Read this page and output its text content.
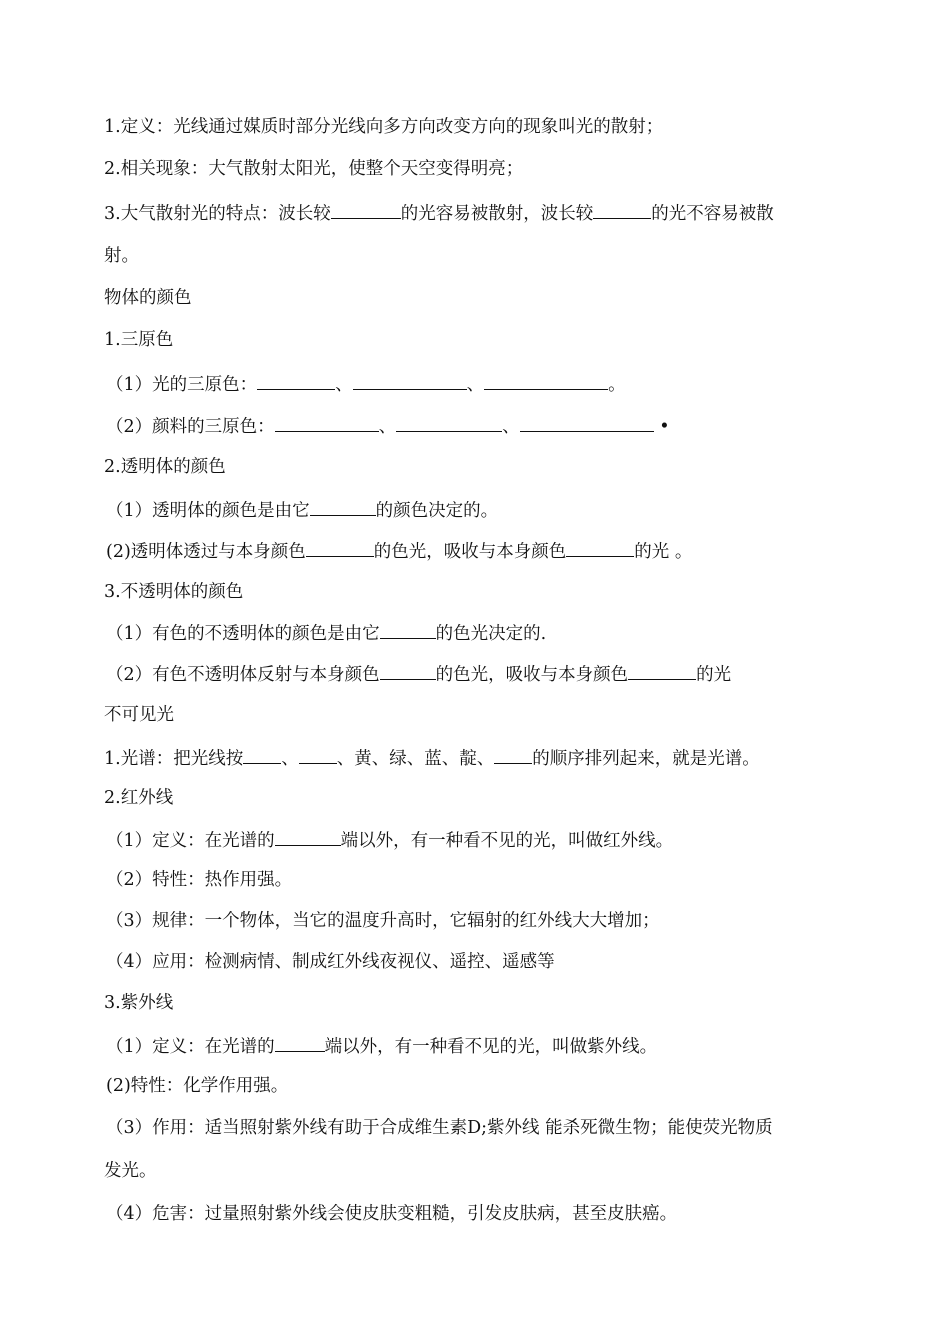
1.定义：光线通过媒质时部分光线向多方向改变方向的现象叫光的散射；
2.相关现象：大气散射太阳光，使整个天空变得明亮；
3.大气散射光的特点：波长较	的光容易被散射，波长较	的光不容易被散
射。
物体的颜色
1.三原色
（1）光的三原色：	、	、	。
（2）颜料的三原色：	、	、	•
2.透明体的颜色
（1）透明体的颜色是由它	的颜色决定的。
(2)透明体透过与本身颜色	的色光，吸收与本身颜色	的光 。
3.不透明体的颜色
（1）有色的不透明体的颜色是由它	的色光决定的.
（2）有色不透明体反射与本身颜色	的色光，吸收与本身颜色	的光
不可见光
1.光谱：把光线按 、 、黄、绿、蓝、靛、 的顺序排列起来，就是光谱。
2.红外线
（1）定义：在光谱的	端以外，有一种看不见的光，叫做红外线。
（2）特性：热作用强。
（3）规律：一个物体，当它的温度升高时，它辐射的红外线大大增加；
（4）应用：检测病情、制成红外线夜视仪、遥控、遥感等
3.紫外线
（1）定义：在光谱的	端以外，有一种看不见的光，叫做紫外线。
(2)特性：化学作用强。
（3）作用：适当照射紫外线有助于合成维生素D;紫外线 能杀死微生物；能使荧光物质
发光。
（4）危害：过量照射紫外线会使皮肤变粗糙，引发皮肤病，甚至皮肤癌。
